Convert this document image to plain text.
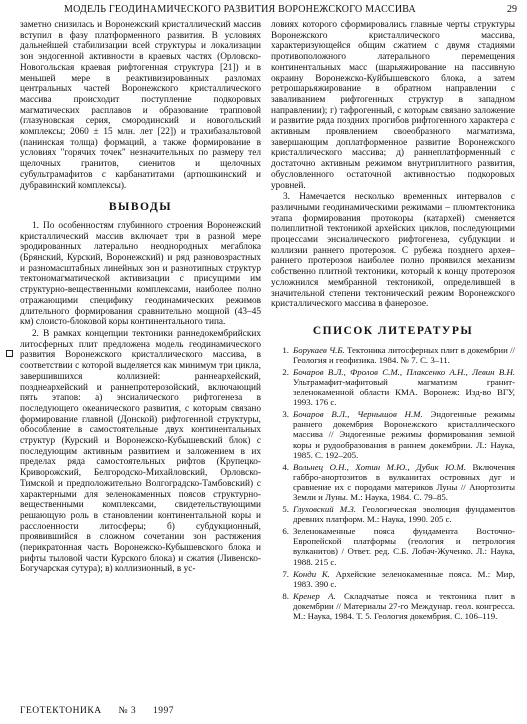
МОДЕЛЬ ГЕОДИНАМИЧЕСКОГО РАЗВИТИЯ ВОРОНЕЖСКОГО МАССИВА	29

заметно снизилась и Воронежский кристаллический массив вступил в фазу платформенного развития. В условиях дальнейшей стабилизации всей структуры и локализации зон эндогенной активности в краевых частях (Орловско-Новогольская краевая рифтогенная структура [21]) и в меньшей мере в реактивизированных разломах центральных частей Воронежского кристаллического массива происходит поступление подкоровых магматических расплавов и образование трапповой (глазуновская серия, смородинский и новогольский комплексы; 2060 ± 15 млн. лет [22]) и трахибазальтовой (панинская толща) формаций, а также формирование в условиях "горячих точек" незначительных по размеру тел щелочных гранитов, сиенитов и щелочных субультрамафитов с карбанатитами (артюшкинский и дубравинский комплексы).

ВЫВОДЫ

1. По особенностям глубинного строения Воронежский кристаллический массив включает три в разной мере эродированных латерально неоднородных мегаблока (Брянский, Курский, Воронежский) и ряд разновозрастных и разномасштабных линейных зон и разнотипных структур тектономагматической активизации с присущими им структурно-вещественными комплексами, наиболее полно отражающими специфику геодинамических режимов длительного формирования сравнительно мощной (43–45 км) слоисто-блоковой коры континентального типа.

2. В рамках концепции тектоники раннедокембрийских литосферных плит предложена модель геодинамического развития Воронежского кристаллического массива, в соответствии с которой выделяется как минимум три цикла, завершившихся коллизией: раннеархейский, позднеархейский и раннепротерозойский, включающий пять этапов: а) энсиалического рифтогенеза в последующего океанического развития, с которым связано формирование главной (Донской) рифтогенной структуры, обособление в самостоятельные двух континентальных структур (Курский и Воронежско-Кубышевский блок) с последующим активным развитием и заложением в их пределах ряда самостоятельных рифтов (Крупецко-Криворожский, Белгородско-Михайловский, Орловско-Тимской и предположительно Волгоградско-Тамбовский) с характерными для зеленокаменных поясов структурно-вещественными комплексами, свидетельствующими решающую роль в становлении континентальной коры и расслоенности литосферы; б) субдукционный, проявившийся в сложном сочетании зон растяжения (перикратонная часть Воронежско-Кубышевского блока и рифты тыловой части Курского блока) и сжатия (Ливенско-Богучарская сутура); в) коллизионный, в ус-

ловиях которого сформировались главные черты структуры Воронежского кристаллического массива, характеризующейся общим сжатием с двумя стадиями противоположного латерального перемещения континентальных масс (шарьяжирование на пассивную окраину Воронежско-Куйбышевского блока, а затем ретрошарьяжирование в обратном направлении с заваливанием рифтогенных структур в западном направлении); г) тафрогенный, с которым связано заложение и развитие ряда поздних прогибов рифтогенного характера с активным проявлением своеобразного магматизма, завершающим доплатформенное развитие Воронежского кристаллического массива; д) раннеплатформенный с достаточно активным режимом внутриплитного развития, обусловленного остаточной активностью подкоровых уровней.

3. Намечается несколько временных интервалов с различными геодинамическими режимами – плюмтектоника этапа формирования протокоры (катархей) сменяется полиплитной тектоникой архейских циклов, последующими процессами энсиалического рифтогенеза, субдукции и коллизии раннего протерозоя. С рубежа позднего архея–раннего протерозоя наиболее полно проявился механизм собственно плитной тектоники, который к концу протерозоя усложнился мембранной тектоникой, определившей в значительной степени тектонический режим Воронежского кристаллического массива в фанерозое.

СПИСОК ЛИТЕРАТУРЫ
1. Борукаев Ч.Б. Тектоника литосферных плит в докембрии // Геология и геофизика. 1984. № 7. С. 3–11.
2. Бочаров В.Л., Фролов С.М., Плаксенко А.Н., Левин В.Н. Ультрамафит-мафитовый магматизм гранит-зеленокаменной области КМА. Воронеж: Изд-во ВГУ, 1993. 176 с.
3. Бочаров В.Л., Чернышов Н.М. Эндогенные режимы раннего докембрия Воронежского кристаллического массива // Эндогенные режимы формирования земной коры и рудообразования в раннем докембрии. Л.: Наука, 1985. С. 192–205.
4. Вольнец О.Н., Хотин М.Ю., Дубик Ю.М. Включения габбро-анортозитов в вулканитах островных дуг и сравнение их с породами материков Луны // Анортозиты Земли и Луны. М.: Наука, 1984. С. 79–85.
5. Глуховский М.З. Геологическая эволюция фундаментов древних платформ. М.: Наука, 1990. 205 с.
6. Зеленокаменные пояса фундамента Восточно-Европейской платформы (геология и петрология вулканитов) / Ответ. ред. С.Б. Лобач-Жученко. Л.: Наука, 1988. 215 с.
7. Конди К. Архейские зеленокаменные пояса. М.: Мир, 1983. 390 с.
8. Кренер А. Складчатые пояса и тектоника плит в докембрии // Материалы 27-го Междунар. геол. конгресса. М.: Наука, 1984. Т. 5. Геология докембрия. С. 106–119.
ГЕОТЕКТОНИКА № 3 1997
